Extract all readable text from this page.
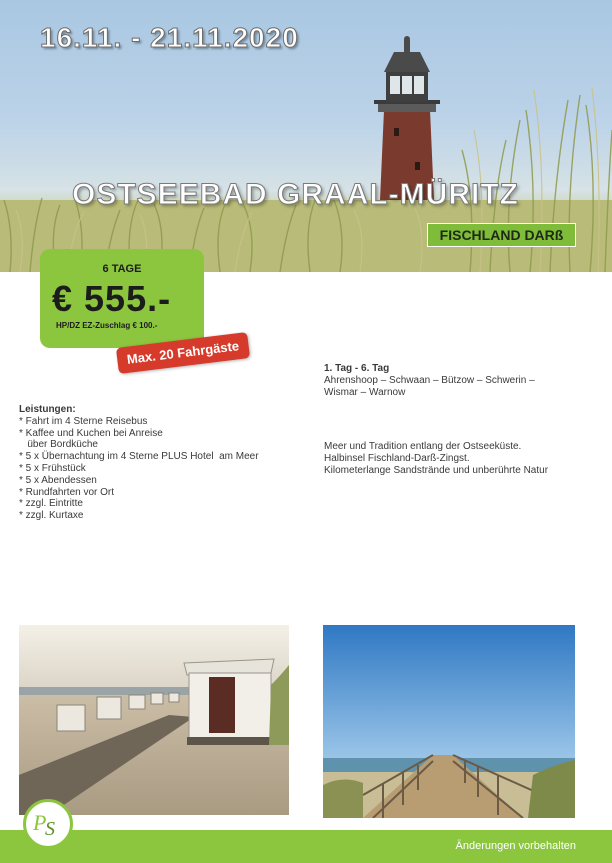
16.11. - 21.11.2020
OSTSEEBAD GRAAL-MÜRITZ
FISCHLAND DARß
6 TAGE
€ 555.-
HP/DZ EZ-Zuschlag € 100.-
Max. 20 Fahrgäste
1. Tag - 6. Tag
Ahrenshoop – Schwaan – Bützow – Schwerin – Wismar – Warnow
Meer und Tradition entlang der Ostseeküste.
Halbinsel Fischland-Darß-Zingst.
Kilometerlange Sandstrände und unberührte Natur
Leistungen:
* Fahrt im 4 Sterne Reisebus
* Kaffee und Kuchen bei Anreise
über Bordküche
* 5 x Übernachtung im 4 Sterne PLUS Hotel  am Meer
* 5 x Frühstück
* 5 x Abendessen
* Rundfahrten vor Ort
* zzgl. Eintritte
* zzgl. Kurtaxe
Änderungen vorbehalten
P
S
